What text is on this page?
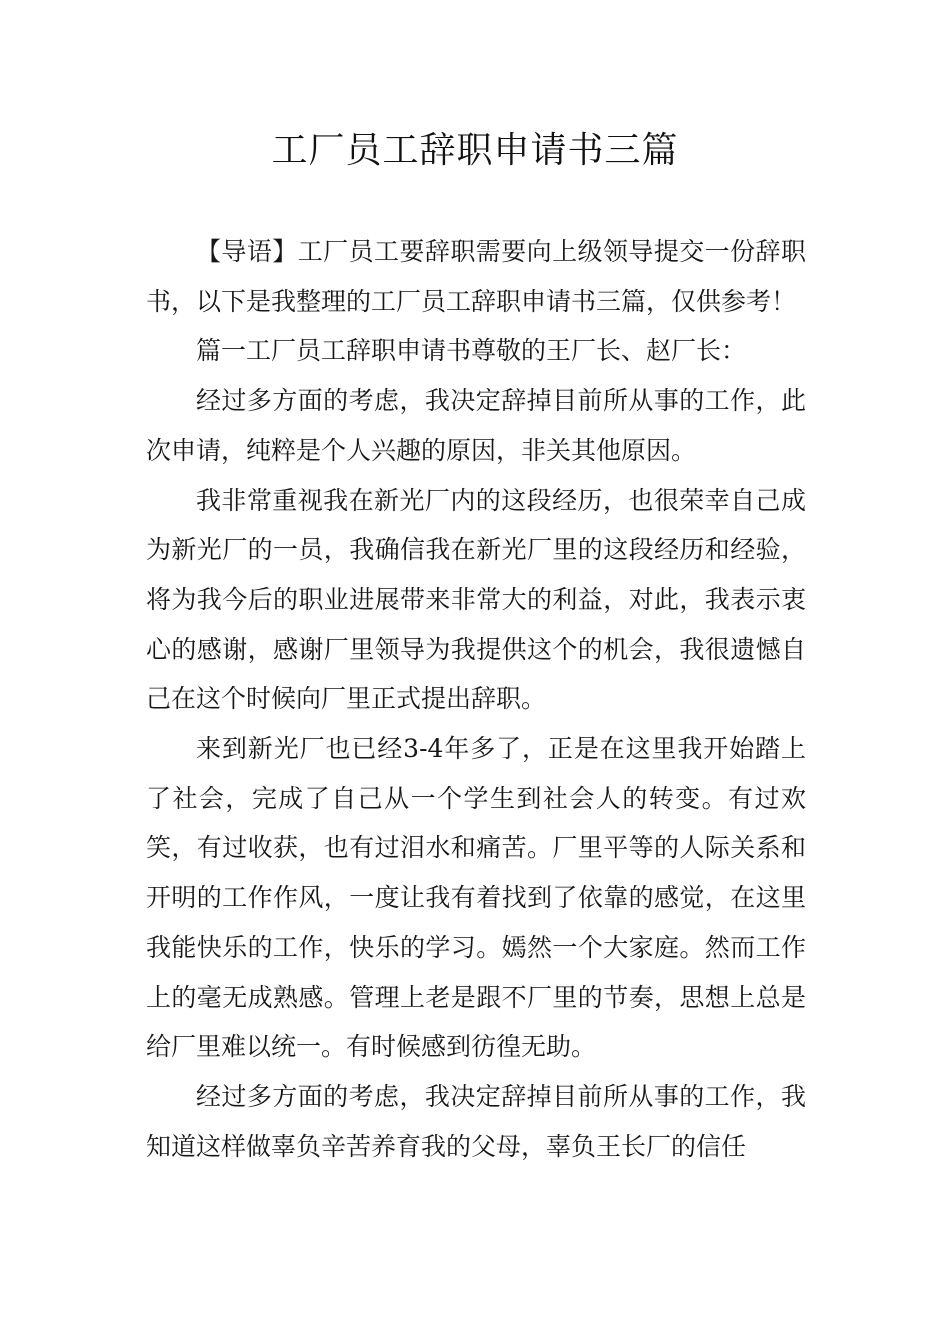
工厂员工辞职申请书三篇

【导语】工厂员工要辞职需要向上级领导提交一份辞职书，以下是我整理的工厂员工辞职申请书三篇，仅供参考！

篇一工厂员工辞职申请书尊敬的王厂长、赵厂长：

经过多方面的考虑，我决定辞掉目前所从事的工作，此次申请，纯粹是个人兴趣的原因，非关其他原因。

我非常重视我在新光厂内的这段经历，也很荣幸自己成为新光厂的一员，我确信我在新光厂里的这段经历和经验，将为我今后的职业进展带来非常大的利益，对此，我表示衷心的感谢，感谢厂里领导为我提供这个的机会，我很遗憾自己在这个时候向厂里正式提出辞职。

来到新光厂也已经3-4年多了，正是在这里我开始踏上了社会，完成了自己从一个学生到社会人的转变。有过欢笑，有过收获，也有过泪水和痛苦。厂里平等的人际关系和开明的工作作风，一度让我有着找到了依靠的感觉，在这里我能快乐的工作，快乐的学习。嫣然一个大家庭。然而工作上的毫无成熟感。管理上老是跟不厂里的节奏，思想上总是给厂里难以统一。有时候感到彷徨无助。

经过多方面的考虑，我决定辞掉目前所从事的工作，我知道这样做辜负辛苦养育我的父母，辜负王长厂的信任
